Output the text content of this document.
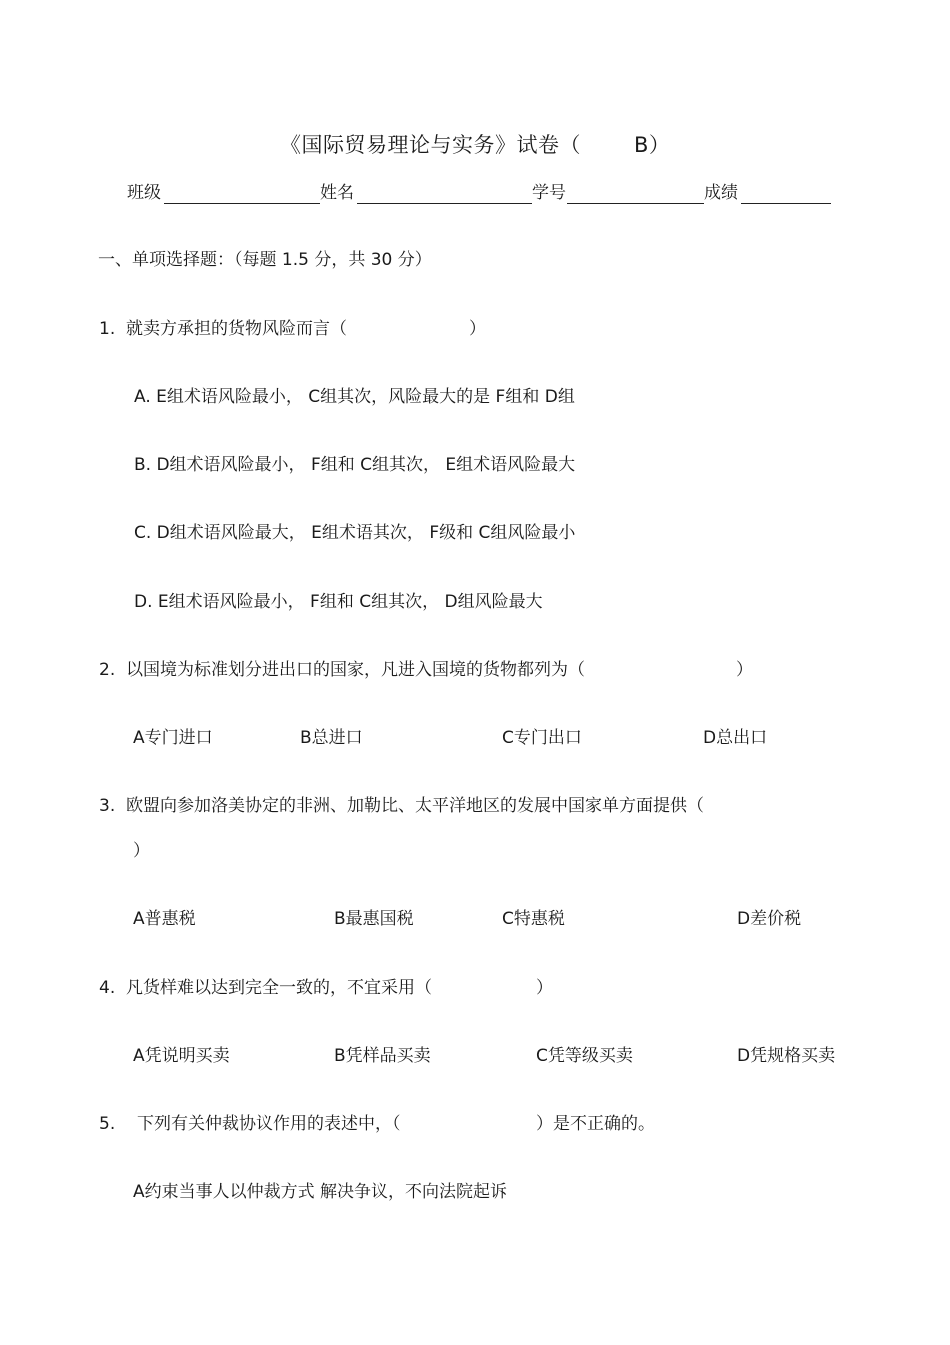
《国际贸易理论与实务》试卷（	B）
班级	姓名	学号	成绩
一、单项选择题：（每题 1.5 分，共 30 分）
1. 就卖方承担的货物风险而言（	）
A. E组术语风险最小， C组其次，风险最大的是 F组和 D组
B. D组术语风险最小， F组和 C组其次， E组术语风险最大
C. D组术语风险最大， E组术语其次， F级和 C组风险最小
D. E组术语风险最小， F组和 C组其次， D组风险最大
2. 以国境为标准划分进出口的国家，凡进入国境的货物都列为（	）
A专门进口	B总进口	C专门出口	D总出口
3. 欧盟向参加洛美协定的非洲、加勒比、太平洋地区的发展中国家单方面提供（
）
A普惠税	B最惠国税	C特惠税	D差价税
4. 凡货样难以达到完全一致的，不宜采用（	）
A凭说明买卖	B凭样品买卖	C凭等级买卖	D凭规格买卖
5. 下列有关仲裁协议作用的表述中，（	）是不正确的。
A约束当事人以仲裁方式 解决争议，不向法院起诉
